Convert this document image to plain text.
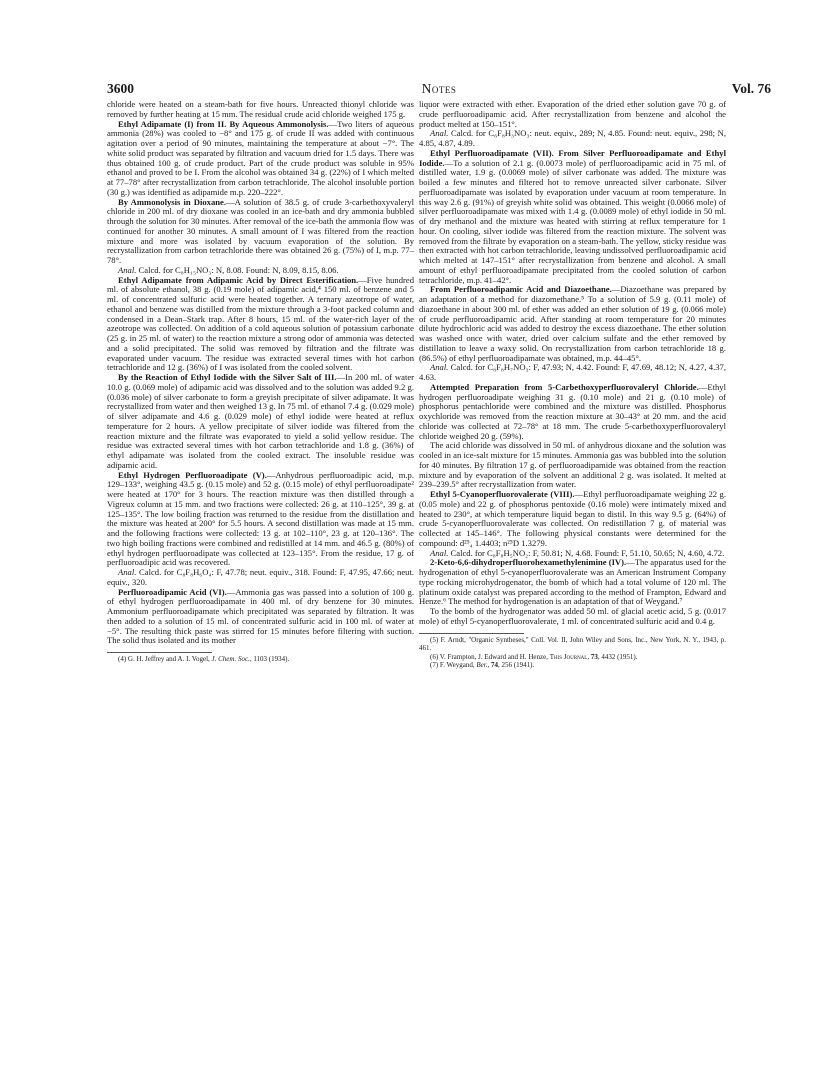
3600	Notes	Vol. 76

chloride were heated on a steam-bath for five hours. Unreacted thionyl chloride was removed by further heating at 15 mm. The residual crude acid chloride weighed 175 g.

Ethyl Adipamate (I) from II. By Aqueous Ammonolysis.—Two liters of aqueous ammonia (28%) was cooled to −8° and 175 g. of crude II was added with continuous agitation over a period of 90 minutes, maintaining the temperature at about −7°. The white solid product was separated by filtration and vacuum dried for 1.5 days. There was thus obtained 100 g. of crude product. Part of the crude product was soluble in 95% ethanol and proved to be I. From the alcohol was obtained 34 g. (22%) of I which melted at 77–78° after recrystallization from carbon tetrachloride. The alcohol insoluble portion (30 g.) was identified as adipamide m.p. 220–222°.

By Ammonolysis in Dioxane.—A solution of 38.5 g. of crude 3-carbethoxyvaleryl chloride in 200 ml. of dry dioxane was cooled in an ice-bath and dry ammonia bubbled through the solution for 30 minutes. After removal of the ice-bath the ammonia flow was continued for another 30 minutes. A small amount of I was filtered from the reaction mixture and more was isolated by vacuum evaporation of the solution. By recrystallization from carbon tetrachloride there was obtained 26 g. (75%) of I, m.p. 77–78°.

Anal. Calcd. for C₈H₁₅NO₃: N, 8.08. Found: N, 8.09, 8.15, 8.06.

Ethyl Adipamate from Adipamic Acid by Direct Esterification.—Five hundred ml. of absolute ethanol, 38 g. (0.19 mole) of adipamic acid,⁴ 150 ml. of benzene and 5 ml. of concentrated sulfuric acid were heated together. A ternary azeotrope of water, ethanol and benzene was distilled from the mixture through a 3-foot packed column and condensed in a Dean–Stark trap. After 8 hours, 15 ml. of the water-rich layer of the azeotrope was collected. On addition of a cold aqueous solution of potassium carbonate (25 g. in 25 ml. of water) to the reaction mixture a strong odor of ammonia was detected and a solid precipitated. The solid was removed by filtration and the filtrate was evaporated under vacuum. The residue was extracted several times with hot carbon tetrachloride and 12 g. (36%) of I was isolated from the cooled solvent.

By the Reaction of Ethyl Iodide with the Silver Salt of III.—In 200 ml. of water 10.0 g. (0.069 mole) of adipamic acid was dissolved and to the solution was added 9.2 g. (0.036 mole) of silver carbonate to form a greyish precipitate of silver adipamate. It was recrystallized from water and then weighed 13 g. In 75 ml. of ethanol 7.4 g. (0.029 mole) of silver adipamate and 4.6 g. (0.029 mole) of ethyl iodide were heated at reflux temperature for 2 hours. A yellow precipitate of silver iodide was filtered from the reaction mixture and the filtrate was evaporated to yield a solid yellow residue. The residue was extracted several times with hot carbon tetrachloride and 1.8 g. (36%) of ethyl adipamate was isolated from the cooled extract. The insoluble residue was adipamic acid.

Ethyl Hydrogen Perfluoroadipate (V).—Anhydrous perfluoroadipic acid, m.p. 129–133°, weighing 43.5 g. (0.15 mole) and 52 g. (0.15 mole) of ethyl perfluoroadipate² were heated at 170° for 3 hours. The reaction mixture was then distilled through a Vigreux column at 15 mm. and two fractions were collected: 26 g. at 110–125°, 39 g. at 125–135°. The low boiling fraction was returned to the residue from the distillation and the mixture was heated at 200° for 5.5 hours. A second distillation was made at 15 mm. and the following fractions were collected: 13 g. at 102–110°, 23 g. at 120–136°. The two high boiling fractions were combined and redistilled at 14 mm. and 46.5 g. (80%) of ethyl hydrogen perfluoroadipate was collected at 123–135°. From the residue, 17 g. of perfluoroadipic acid was recovered.

Anal. Calcd. for C₈F₈H₆O₄: F, 47.78; neut. equiv., 318. Found: F, 47.95, 47.66; neut. equiv., 320.

Perfluoroadipamic Acid (VI).—Ammonia gas was passed into a solution of 100 g. of ethyl hydrogen perfluoroadipamate in 400 ml. of dry benzene for 30 minutes. Ammonium perfluoroadipamate which precipitated was separated by filtration. It was then added to a solution of 15 ml. of concentrated sulfuric acid in 100 ml. of water at −5°. The resulting thick paste was stirred for 15 minutes before filtering with suction. The solid thus isolated and its mother

(4) G. H. Jeffrey and A. I. Vogel, J. Chem. Soc., 1103 (1934).

liquor were extracted with ether. Evaporation of the dried ether solution gave 70 g. of crude perfluoroadipamic acid. After recrystallization from benzene and alcohol the product melted at 150–151°.

Anal. Calcd. for C₆F₈H₃NO₃: neut. equiv., 289; N, 4.85. Found: neut. equiv., 298; N, 4.85, 4.87, 4.89.

Ethyl Perfluoroadipamate (VII). From Silver Perfluoroadipamate and Ethyl Iodide.—To a solution of 2.1 g. (0.0073 mole) of perfluoroadipamic acid in 75 ml. of distilled water, 1.9 g. (0.0069 mole) of silver carbonate was added. The mixture was boiled a few minutes and filtered hot to remove unreacted silver carbonate. Silver perfluoroadipamate was isolated by evaporation under vacuum at room temperature. In this way 2.6 g. (91%) of greyish white solid was obtained. This weight (0.0066 mole) of silver perfluoroadipamate was mixed with 1.4 g. (0.0089 mole) of ethyl iodide in 50 ml. of dry methanol and the mixture was heated with stirring at reflux temperature for 1 hour. On cooling, silver iodide was filtered from the reaction mixture. The solvent was removed from the filtrate by evaporation on a steam-bath. The yellow, sticky residue was then extracted with hot carbon tetrachloride, leaving undissolved perfluoroadipamic acid which melted at 147–151° after recrystallization from benzene and alcohol. A small amount of ethyl perfluoroadipamate precipitated from the cooled solution of carbon tetrachloride, m.p. 41–42°.

From Perfluoroadipamic Acid and Diazoethane.—Diazoethane was prepared by an adaptation of a method for diazomethane.⁵ To a solution of 5.9 g. (0.11 mole) of diazoethane in about 300 ml. of ether was added an ether solution of 19 g. (0.066 mole) of crude perfluoroadipamic acid. After standing at room temperature for 20 minutes dilute hydrochloric acid was added to destroy the excess diazoethane. The ether solution was washed once with water, dried over calcium sulfate and the ether removed by distillation to leave a waxy solid. On recrystallization from carbon tetrachloride 18 g. (86.5%) of ethyl perfluoroadipamate was obtained, m.p. 44–45°.

Anal. Calcd. for C₈F₈H₇NO₃: F, 47.93; N, 4.42. Found: F, 47.69, 48.12; N, 4.27, 4.37, 4.63.

Attempted Preparation from 5-Carbethoxyperfluorovaleryl Chloride.—Ethyl hydrogen perfluoroadipate weighing 31 g. (0.10 mole) and 21 g. (0.10 mole) of phosphorus pentachloride were combined and the mixture was distilled. Phosphorus oxychloride was removed from the reaction mixture at 30–43° at 20 mm. and the acid chloride was collected at 72–78° at 18 mm. The crude 5-carbethoxyperfluorovaleryl chloride weighed 20 g. (59%).

The acid chloride was dissolved in 50 ml. of anhydrous dioxane and the solution was cooled in an ice-salt mixture for 15 minutes. Ammonia gas was bubbled into the solution for 40 minutes. By filtration 17 g. of perfluoroadipamide was obtained from the reaction mixture and by evaporation of the solvent an additional 2 g. was isolated. It melted at 239–239.5° after recrystallization from water.

Ethyl 5-Cyanoperfluorovalerate (VIII).—Ethyl perfluoroadipamate weighing 22 g. (0.05 mole) and 22 g. of phosphorus pentoxide (0.16 mole) were intimately mixed and heated to 230°, at which temperature liquid began to distil. In this way 9.5 g. (64%) of crude 5-cyanoperfluorovalerate was collected. On redistillation 7 g. of material was collected at 145–146°. The following physical constants were determined for the compound: d²⁵₄ 1.4403; n²⁵D 1.3279.

Anal. Calcd. for C₈F₈H₅NO₂: F, 50.81; N, 4.68. Found: F, 51.10, 50.65; N, 4.60, 4.72.

2-Keto-6,6-dihydroperfluorohexamethylenimine (IV).—The apparatus used for the hydrogenation of ethyl 5-cyanoperfluorovalerate was an American Instrument Company type rocking microhydrogenator, the bomb of which had a total volume of 120 ml. The platinum oxide catalyst was prepared according to the method of Frampton, Edward and Henze.⁶ The method for hydrogenation is an adaptation of that of Weygand.⁷

To the bomb of the hydrogenator was added 50 ml. of glacial acetic acid, 5 g. (0.017 mole) of ethyl 5-cyanoperfluorovalerate, 1 ml. of concentrated sulfuric acid and 0.4 g.

(5) F. Arndt, "Organic Syntheses," Coll. Vol. II, John Wiley and Sons, Inc., New York, N. Y., 1943, p. 461.

(6) V. Frampton, J. Edward and H. Henze, This Journal, 73, 4432 (1951).

(7) F. Weygand, Ber., 74, 256 (1941).
